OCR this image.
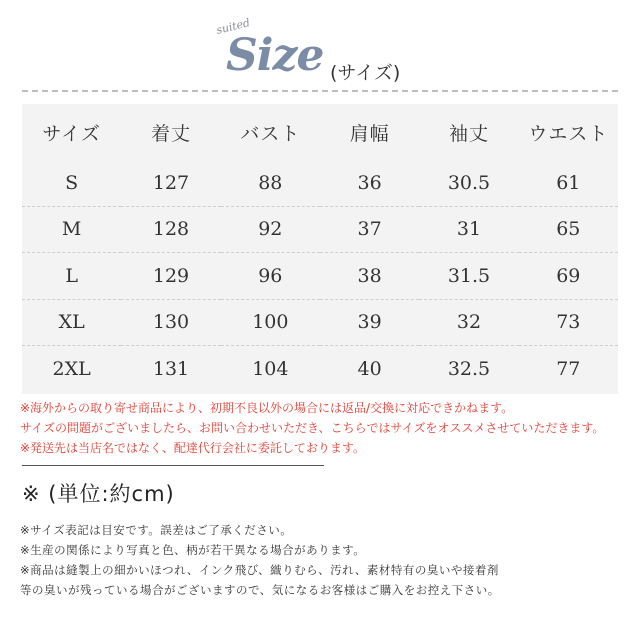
suited
Size (サイズ)
サイズ	着丈	バスト	肩幅	袖丈	ウエスト
S	127	88	36	30.5	61
M	128	92	37	31	65
L	129	96	38	31.5	69
XL	130	100	39	32	73
2XL	131	104	40	32.5	77
※海外からの取り寄せ商品により、初期不良以外の場合には返品/交換に対応できかねます。
サイズの問題がございましたら、お問い合わせいただき、こちらではサイズをオススメさせていただきます。
※発送先は当店名ではなく、配達代行会社に委託しております。
※ (単位:約cm)
※サイズ表記は目安です。誤差はご了承ください。
※生産の関係により写真と色、柄が若干異なる場合があります。
※商品は縫製上の細かいほつれ、インク飛び、織りむら、汚れ、素材特有の臭いや接着剤
等の臭いが残っている場合がございますので、気になるお客様はご購入をお控え下さい。
